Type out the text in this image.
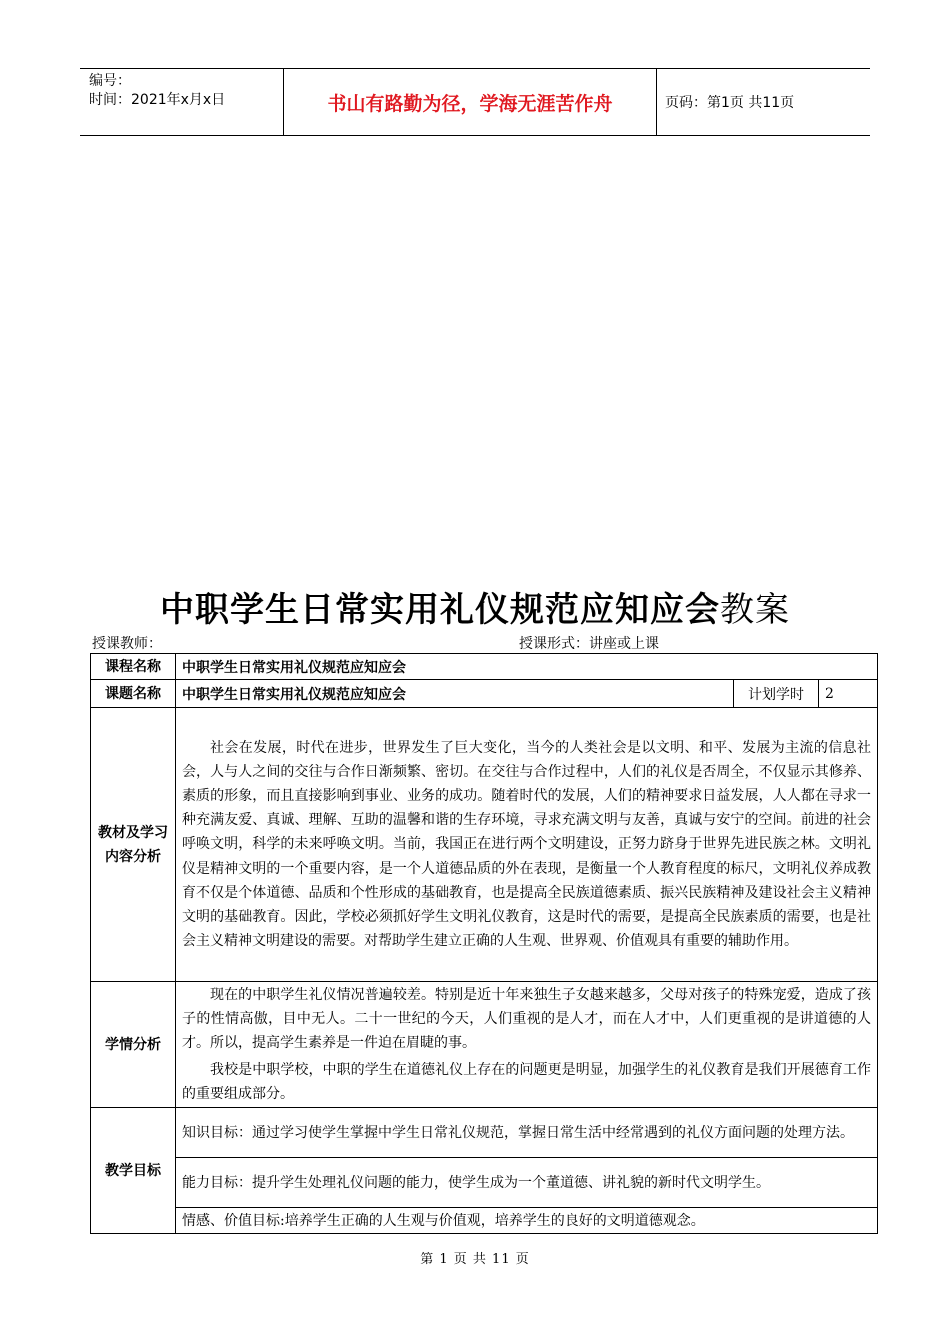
编号：
时间：2021年x月x日	书山有路勤为径，学海无涯苦作舟	页码：第1页 共11页
中职学生日常实用礼仪规范应知应会教案
授课教师：	授课形式：讲座或上课
课程名称	中职学生日常实用礼仪规范应知应会		
课题名称	中职学生日常实用礼仪规范应知应会	计划学时	2
教材及学习内容分析	社会在发展，时代在进步，世界发生了巨大变化，当今的人类社会是以文明、和平、发展为主流的信息社会，人与人之间的交往与合作日渐频繁、密切。在交往与合作过程中，人们的礼仪是否周全，不仅显示其修养、素质的形象，而且直接影响到事业、业务的成功。随着时代的发展，人们的精神要求日益发展，人人都在寻求一种充满友爱、真诚、理解、互助的温馨和谐的生存环境，寻求充满文明与友善，真诚与安宁的空间。前进的社会呼唤文明，科学的未来呼唤文明。当前，我国正在进行两个文明建设，正努力跻身于世界先进民族之林。文明礼仪是精神文明的一个重要内容，是一个人道德品质的外在表现，是衡量一个人教育程度的标尺，文明礼仪养成教育不仅是个体道德、品质和个性形成的基础教育，也是提高全民族道德素质、振兴民族精神及建设社会主义精神文明的基础教育。因此，学校必须抓好学生文明礼仪教育，这是时代的需要，是提高全民族素质的需要，也是社会主义精神文明建设的需要。对帮助学生建立正确的人生观、世界观、价值观具有重要的辅助作用。		

学情分析	现在的中职学生礼仪情况普遍较差。特别是近十年来独生子女越来越多，父母对孩子的特殊宠爱，造成了孩子的性情高傲，目中无人。二十一世纪的今天，人们重视的是人才，而在人才中，人们更重视的是讲道德的人才。所以，提高学生素养是一件迫在眉睫的事。

我校是中职学校，中职的学生在道德礼仪上存在的问题更是明显，加强学生的礼仪教育是我们开展德育工作的重要组成部分。		

教学目标	知识目标：通过学习使学生掌握中学生日常礼仪规范，掌握日常生活中经常遇到的礼仪方面问题的处理方法。		
	能力目标：提升学生处理礼仪问题的能力，使学生成为一个董道德、讲礼貌的新时代文明学生。		
	情感、价值目标:培养学生正确的人生观与价值观，培养学生的良好的文明道德观念。		
第 1 页 共 11 页
